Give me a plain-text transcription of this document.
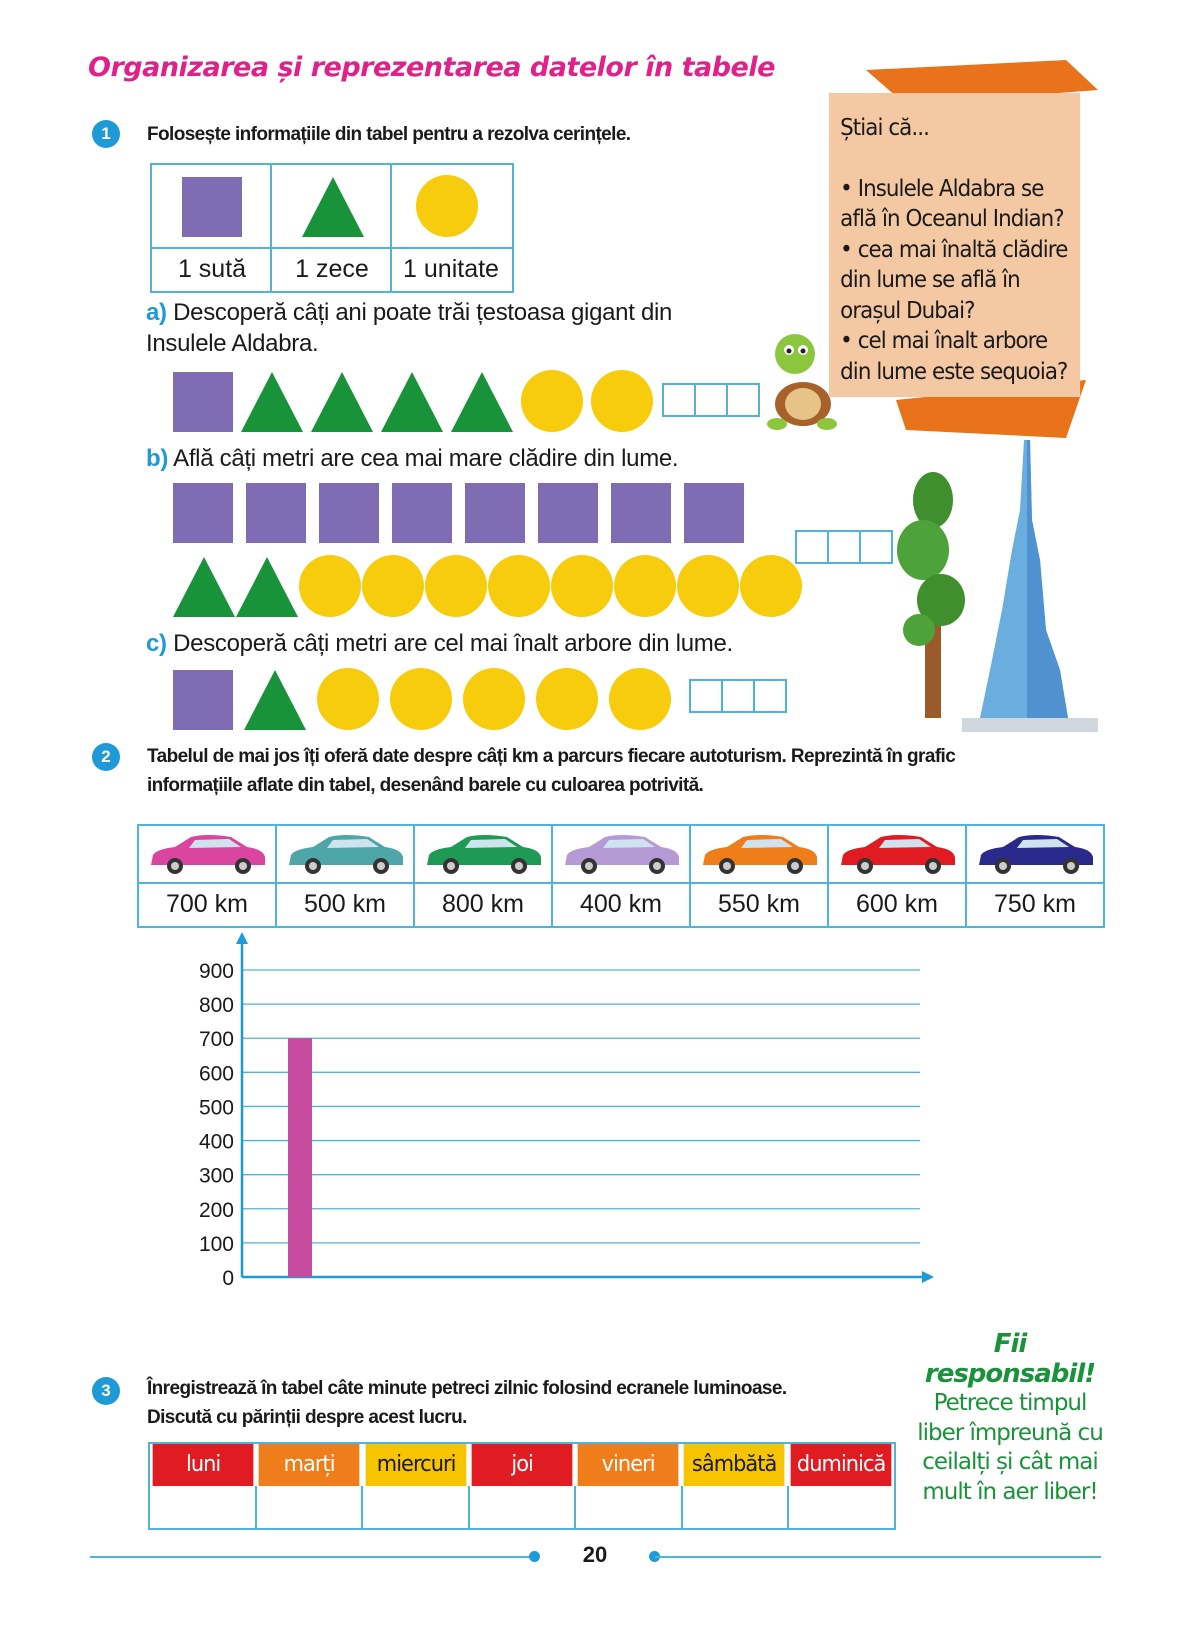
Organizarea și reprezentarea datelor în tabele
1	Folosește informațiile din tabel pentru a rezolva cerințele.
1 sută	1 zece	1 unitate
a) Descoperă câți ani poate trăi țestoasa gigant din
Insulele Aldabra.
b) Află câți metri are cea mai mare clădire din lume.
c) Descoperă câți metri are cel mai înalt arbore din lume.
Știai că...
• Insulele Aldabra se
află în Oceanul Indian?
• cea mai înaltă clădire
din lume se află în
orașul Dubai?
• cel mai înalt arbore
din lume este sequoia?
2	Tabelul de mai jos îți oferă date despre câți km a parcurs fiecare autoturism. Reprezintă în grafic
informațiile aflate din tabel, desenând barele cu culoarea potrivită.
700 km	500 km	800 km	400 km	550 km	600 km	750 km
0
100
200
300
400
500
600
700
800
900
3	Înregistrează în tabel câte minute petreci zilnic folosind ecranele luminoase.
Discută cu părinții despre acest lucru.
luni	marți	miercuri	joi	vineri	sâmbătă duminică
Fii
responsabil!
Petrece timpul
liber împreună cu
ceilalți și cât mai
mult în aer liber!
20
